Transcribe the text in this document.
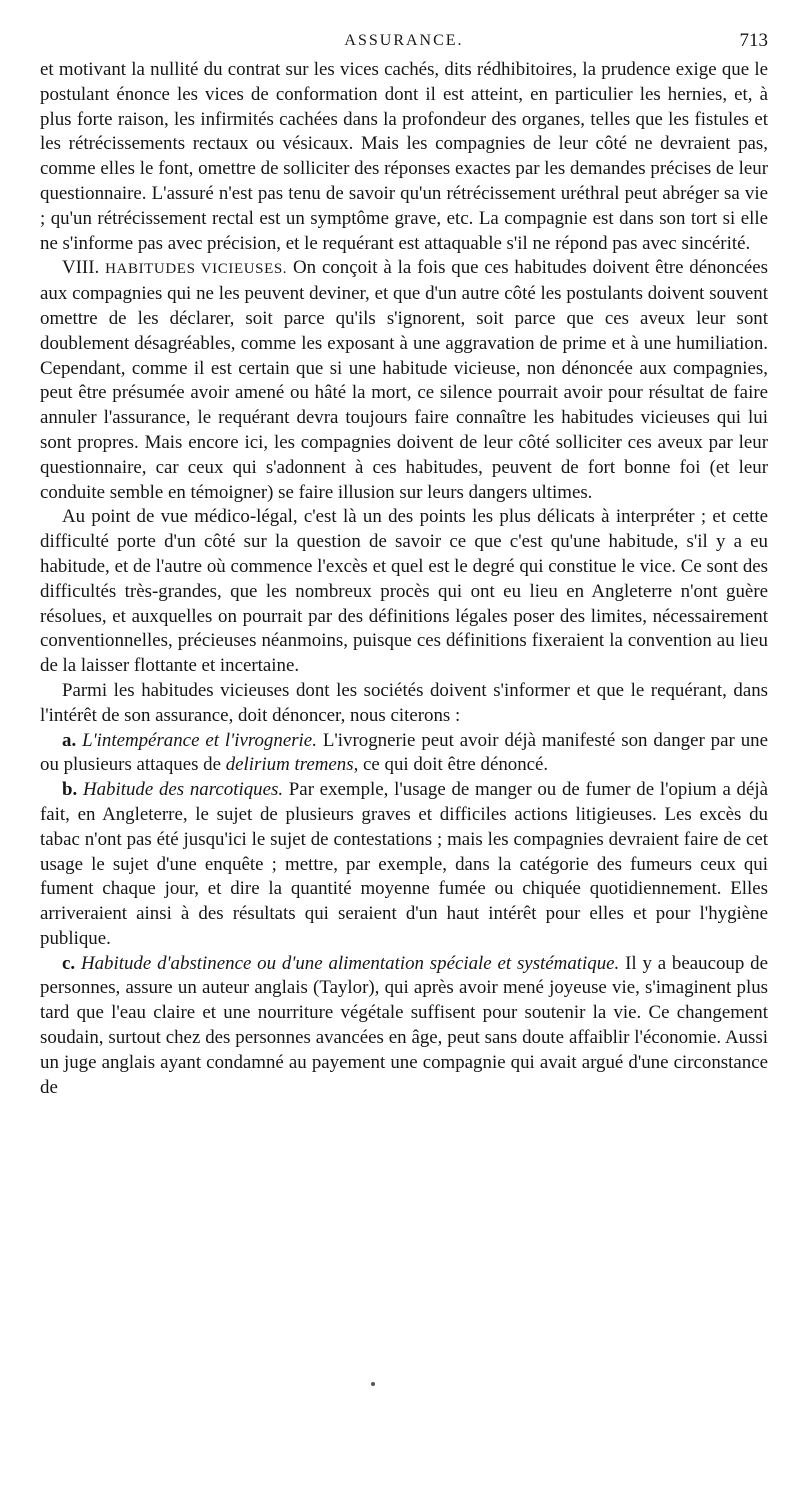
ASSURANCE.	713

et motivant la nullité du contrat sur les vices cachés, dits rédhibitoires, la prudence exige que le postulant énonce les vices de conformation dont il est atteint, en particulier les hernies, et, à plus forte raison, les infirmités cachées dans la profondeur des organes, telles que les fistules et les rétrécissements rectaux ou vésicaux. Mais les compagnies de leur côté ne devraient pas, comme elles le font, omettre de solliciter des réponses exactes par les demandes précises de leur questionnaire. L'assuré n'est pas tenu de savoir qu'un rétrécissement uréthral peut abréger sa vie ; qu'un rétrécissement rectal est un symptôme grave, etc. La compagnie est dans son tort si elle ne s'informe pas avec précision, et le requérant est attaquable s'il ne répond pas avec sincérité.

VIII. HABITUDES VICIEUSES. On conçoit à la fois que ces habitudes doivent être dénoncées aux compagnies qui ne les peuvent deviner, et que d'un autre côté les postulants doivent souvent omettre de les déclarer, soit parce qu'ils s'ignorent, soit parce que ces aveux leur sont doublement désagréables, comme les exposant à une aggravation de prime et à une humiliation. Cependant, comme il est certain que si une habitude vicieuse, non dénoncée aux compagnies, peut être présumée avoir amené ou hâté la mort, ce silence pourrait avoir pour résultat de faire annuler l'assurance, le requérant devra toujours faire connaître les habitudes vicieuses qui lui sont propres. Mais encore ici, les compagnies doivent de leur côté solliciter ces aveux par leur questionnaire, car ceux qui s'adonnent à ces habitudes, peuvent de fort bonne foi (et leur conduite semble en témoigner) se faire illusion sur leurs dangers ultimes.

Au point de vue médico-légal, c'est là un des points les plus délicats à interpréter ; et cette difficulté porte d'un côté sur la question de savoir ce que c'est qu'une habitude, s'il y a eu habitude, et de l'autre où commence l'excès et quel est le degré qui constitue le vice. Ce sont des difficultés très-grandes, que les nombreux procès qui ont eu lieu en Angleterre n'ont guère résolues, et auxquelles on pourrait par des définitions légales poser des limites, nécessairement conventionnelles, précieuses néanmoins, puisque ces définitions fixeraient la convention au lieu de la laisser flottante et incertaine.

Parmi les habitudes vicieuses dont les sociétés doivent s'informer et que le requérant, dans l'intérêt de son assurance, doit dénoncer, nous citerons :

a. L'intempérance et l'ivrognerie. L'ivrognerie peut avoir déjà manifesté son danger par une ou plusieurs attaques de delirium tremens, ce qui doit être dénoncé.

b. Habitude des narcotiques. Par exemple, l'usage de manger ou de fumer de l'opium a déjà fait, en Angleterre, le sujet de plusieurs graves et difficiles actions litigieuses. Les excès du tabac n'ont pas été jusqu'ici le sujet de contestations ; mais les compagnies devraient faire de cet usage le sujet d'une enquête ; mettre, par exemple, dans la catégorie des fumeurs ceux qui fument chaque jour, et dire la quantité moyenne fumée ou chiquée quotidiennement. Elles arriveraient ainsi à des résultats qui seraient d'un haut intérêt pour elles et pour l'hygiène publique.

c. Habitude d'abstinence ou d'une alimentation spéciale et systématique. Il y a beaucoup de personnes, assure un auteur anglais (Taylor), qui après avoir mené joyeuse vie, s'imaginent plus tard que l'eau claire et une nourriture végétale suffisent pour soutenir la vie. Ce changement soudain, surtout chez des personnes avancées en âge, peut sans doute affaiblir l'économie. Aussi un juge anglais ayant condamné au payement une compagnie qui avait argué d'une circonstance de
